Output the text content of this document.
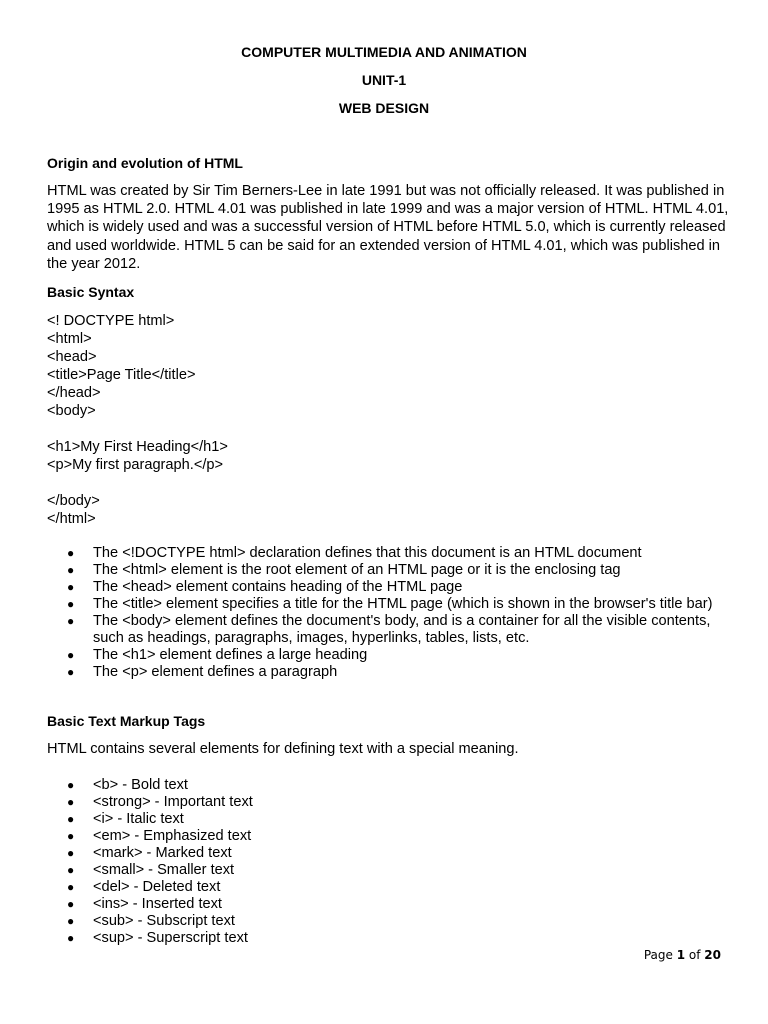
COMPUTER MULTIMEDIA AND ANIMATION
UNIT-1
WEB DESIGN
Origin and evolution of HTML
HTML was created by Sir Tim Berners-Lee in late 1991 but was not officially released. It was published in 1995 as HTML 2.0. HTML 4.01 was published in late 1999 and was a major version of HTML. HTML 4.01, which is widely used and was a successful version of HTML before HTML 5.0, which is currently released and used worldwide. HTML 5 can be said for an extended version of HTML 4.01, which was published in the year 2012.
Basic Syntax
<! DOCTYPE html>
<html>
<head>
<title>Page Title</title>
</head>
<body>
<h1>My First Heading</h1>
<p>My first paragraph.</p>
</body>
</html>
● The <!DOCTYPE html> declaration defines that this document is an HTML document
● The <html> element is the root element of an HTML page or it is the enclosing tag
● The <head> element contains heading of the HTML page
● The <title> element specifies a title for the HTML page (which is shown in the browser's title bar)
● The <body> element defines the document's body, and is a container for all the visible contents, such as headings, paragraphs, images, hyperlinks, tables, lists, etc.
● The <h1> element defines a large heading
● The <p> element defines a paragraph
Basic Text Markup Tags
HTML contains several elements for defining text with a special meaning.
● <b> - Bold text
● <strong> - Important text
● <i> - Italic text
● <em> - Emphasized text
● <mark> - Marked text
● <small> - Smaller text
● <del> - Deleted text
● <ins> - Inserted text
● <sub> - Subscript text
● <sup> - Superscript text
Page 1 of 20
